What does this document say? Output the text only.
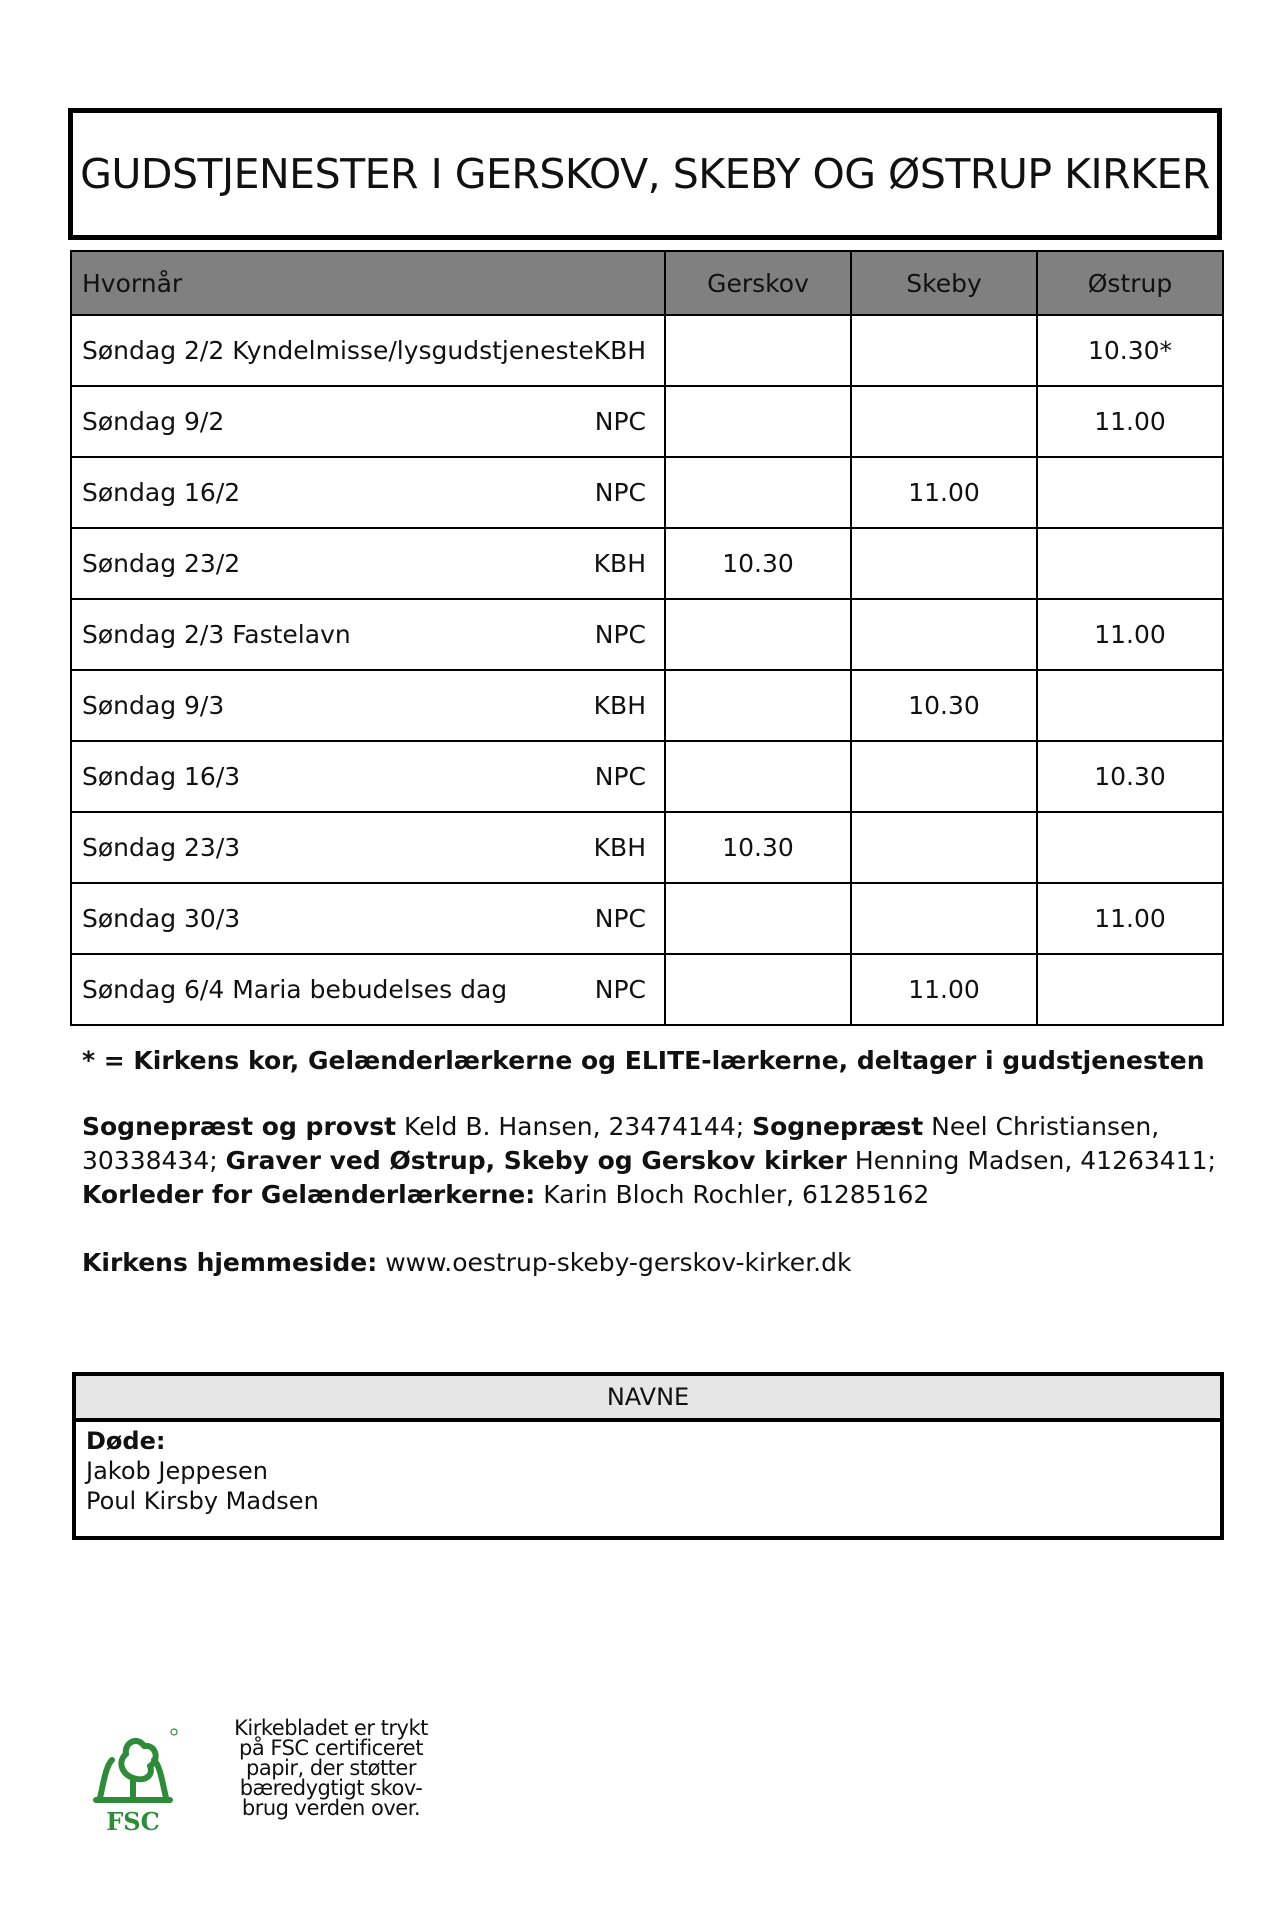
GUDSTJENESTER I GERSKOV, SKEBY OG ØSTRUP KIRKER
Hvornår	Gerskov	Skeby	Østrup

Søndag 2/2 Kyndelmisse/lysgudstjeneste KBH			10.30*

Søndag 9/2 NPC			11.00

Søndag 16/2 NPC		11.00	

Søndag 23/2 KBH	10.30		

Søndag 2/3 Fastelavn NPC			11.00

Søndag 9/3 KBH		10.30	

Søndag 16/3 NPC			10.30

Søndag 23/3 KBH	10.30		

Søndag 30/3 NPC			11.00

Søndag 6/4 Maria bebudelses dag NPC		11.00	
* = Kirkens kor, Gelænderlærkerne og ELITE-lærkerne, deltager i gudstjenesten
Sognepræst og provst Keld B. Hansen, 23474144; Sognepræst Neel Christiansen, 30338434; Graver ved Østrup, Skeby og Gerskov kirker Henning Madsen, 41263411; Korleder for Gelænderlærkerne: Karin Bloch Rochler, 61285162
Kirkens hjemmeside: www.oestrup-skeby-gerskov-kirker.dk
NAVNE
Døde:
Jakob Jeppesen
Poul Kirsby Madsen
FSC
Kirkebladet er trykt
på FSC certificeret
papir, der støtter
bæredygtigt skov-
brug verden over.
